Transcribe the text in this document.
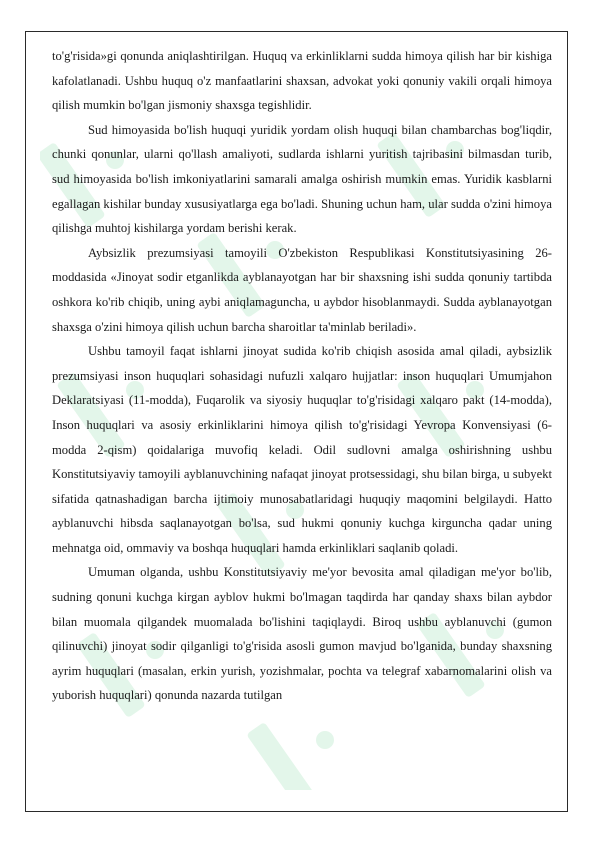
to'g'risida»gi qonunda aniqlashtirilgan. Huquq va erkinliklarni sudda himoya qilish har bir kishiga kafolatlanadi. Ushbu huquq o'z manfaatlarini shaxsan, advokat yoki qonuniy vakili orqali himoya qilish mumkin bo'lgan jismoniy shaxsga tegishlidir.

Sud himoyasida bo'lish huquqi yuridik yordam olish huquqi bilan chambarchas bog'liqdir, chunki qonunlar, ularni qo'llash amaliyoti, sudlarda ishlarni yuritish tajribasini bilmasdan turib, sud himoyasida bo'lish imkoniyatlarini samarali amalga oshirish mumkin emas. Yuridik kasblarni egallagan kishilar bunday xususiyatlarga ega bo'ladi. Shuning uchun ham, ular sudda o'zini himoya qilishga muhtoj kishilarga yordam berishi kerak.

Aybsizlik prezumsiyasi tamoyili O'zbekiston Respublikasi Konstitutsiyasining 26-moddasida «Jinoyat sodir etganlikda ayblanayotgan har bir shaxsning ishi sudda qonuniy tartibda oshkora ko'rib chiqib, uning aybi aniqlamaguncha, u aybdor hisoblanmaydi. Sudda ayblanayotgan shaxsga o'zini himoya qilish uchun barcha sharoitlar ta'minlab beriladi».

Ushbu tamoyil faqat ishlarni jinoyat sudida ko'rib chiqish asosida amal qiladi, aybsizlik prezumsiyasi inson huquqlari sohasidagi nufuzli xalqaro hujjatlar: inson huquqlari Umumjahon Deklaratsiyasi (11-modda), Fuqarolik va siyosiy huquqlar to'g'risidagi xalqaro pakt (14-modda), Inson huquqlari va asosiy erkinliklarini himoya qilish to'g'risidagi Yevropa Konvensiyasi (6-modda 2-qism) qoidalariga muvofiq keladi. Odil sudlovni amalga oshirishning ushbu Konstitutsiyaviy tamoyili ayblanuvchining nafaqat jinoyat protsessidagi, shu bilan birga, u subyekt sifatida qatnashadigan barcha ijtimoiy munosabatlaridagi huquqiy maqomini belgilaydi. Hatto ayblanuvchi hibsda saqlanayotgan bo'lsa, sud hukmi qonuniy kuchga kirguncha qadar uning mehnatga oid, ommaviy va boshqa huquqlari hamda erkinliklari saqlanib qoladi.

Umuman olganda, ushbu Konstitutsiyaviy me'yor bevosita amal qiladigan me'yor bo'lib, sudning qonuni kuchga kirgan ayblov hukmi bo'lmagan taqdirda har qanday shaxs bilan aybdor bilan muomala qilgandek muomalada bo'lishini taqiqlaydi. Biroq ushbu ayblanuvchi (gumon qilinuvchi) jinoyat sodir qilganligi to'g'risida asosli gumon mavjud bo'lganida, bunday shaxsning ayrim huquqlari (masalan, erkin yurish, yozishmalar, pochta va telegraf xabarnomalarini olish va yuborish huquqlari) qonunda nazarda tutilgan
